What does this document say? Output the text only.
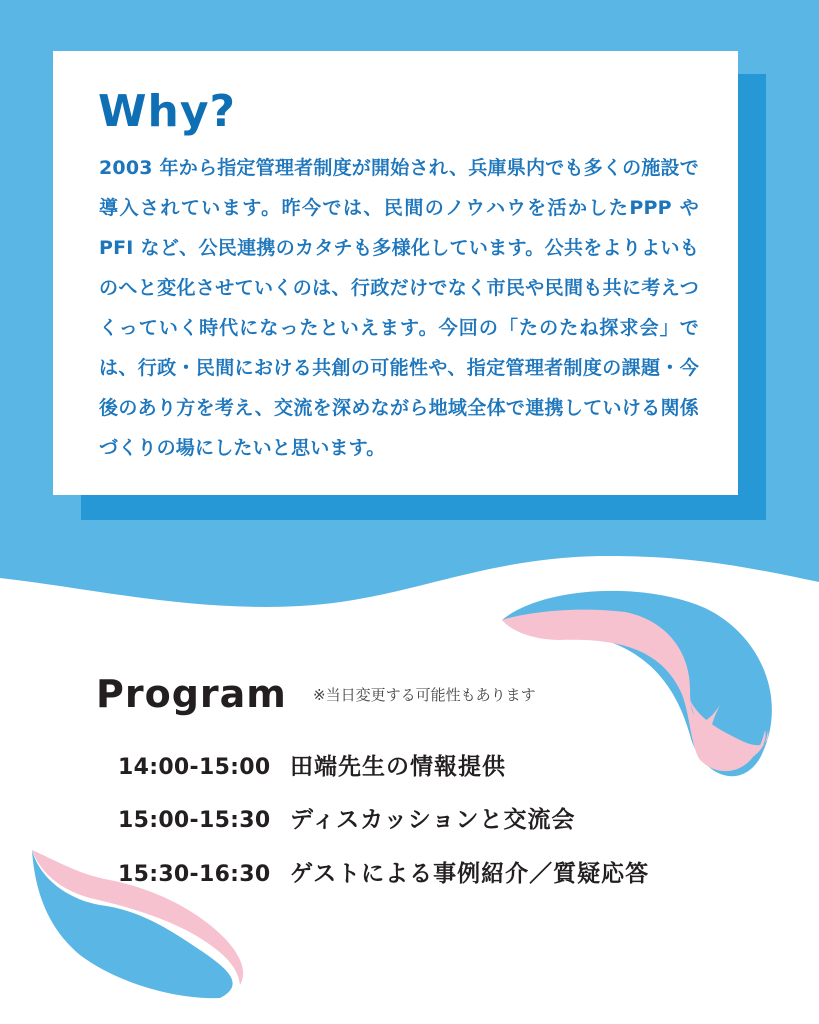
Why?

2003 年から指定管理者制度が開始され、兵庫県内でも多くの施設で導入されています。昨今では、民間のノウハウを活かしたPPP や PFI など、公民連携のカタチも多様化しています。公共をよりよいものへと変化させていくのは、行政だけでなく市民や民間も共に考えつくっていく時代になったといえます。今回の「たのたね探求会」では、行政・民間における共創の可能性や、指定管理者制度の課題・今後のあり方を考え、交流を深めながら地域全体で連携していける関係づくりの場にしたいと思います。

Program ※当日変更する可能性もあります
14:00-15:00 田端先生の情報提供
15:00-15:30 ディスカッションと交流会
15:30-16:30 ゲストによる事例紹介／質疑応答
